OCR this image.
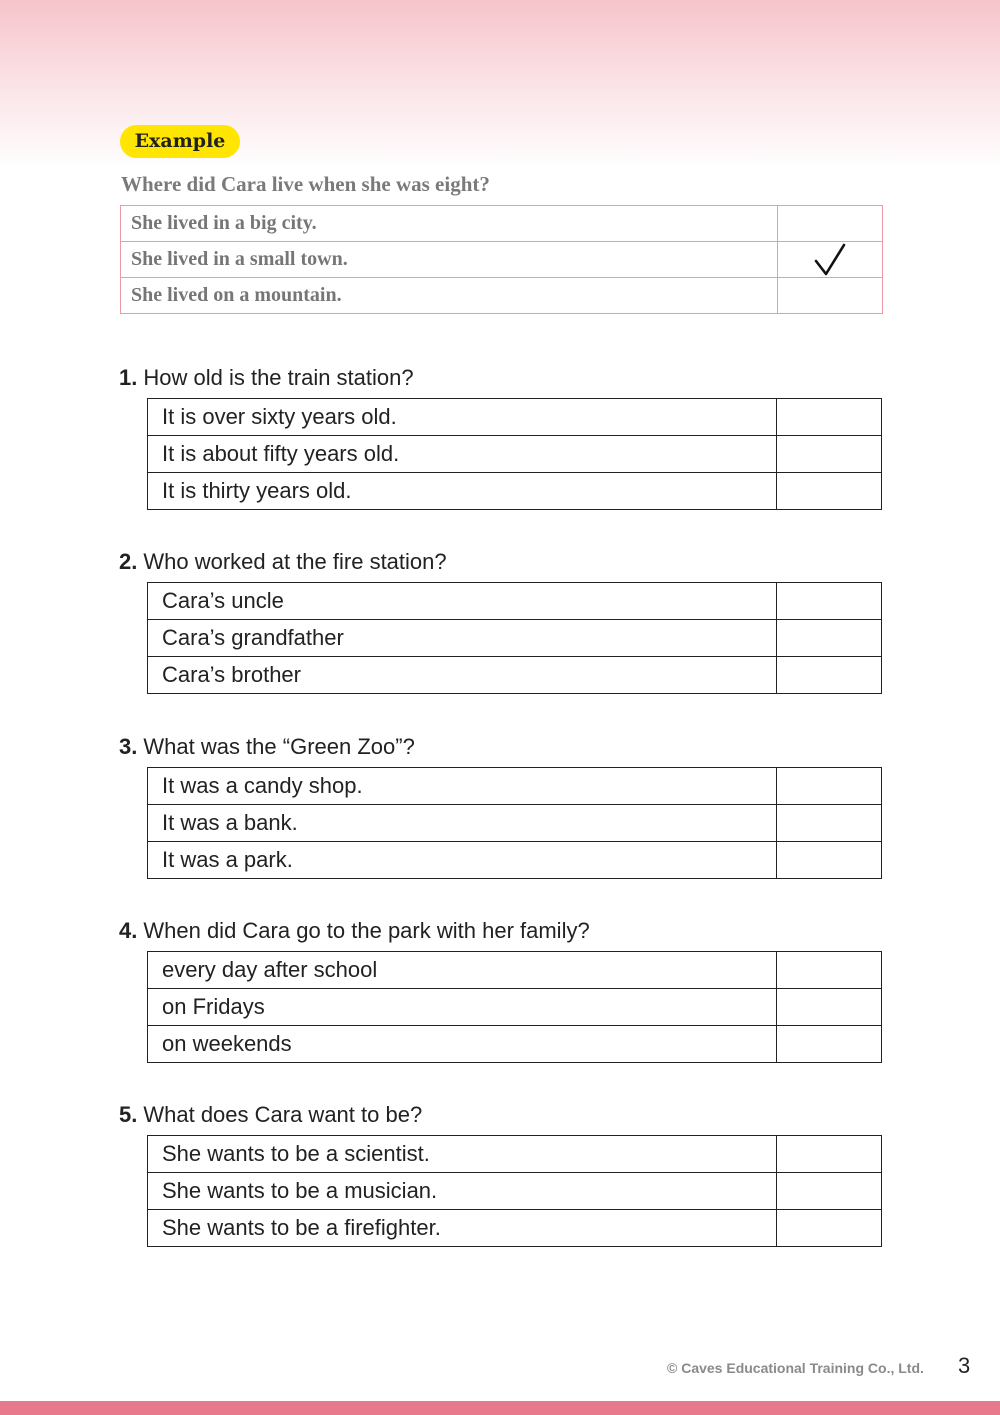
Example
Where did Cara live when she was eight?
She lived in a big city.	
She lived in a small town.	

She lived on a mountain.	
1. How old is the train station?
It is over sixty years old.	
It is about fifty years old.	
It is thirty years old.	
2. Who worked at the fire station?
Cara’s uncle	
Cara’s grandfather	
Cara’s brother	
3. What was the “Green Zoo”?
It was a candy shop.	
It was a bank.	
It was a park.	
4. When did Cara go to the park with her family?
every day after school	
on Fridays	
on weekends	
5. What does Cara want to be?
She wants to be a scientist.	
She wants to be a musician.	
She wants to be a firefighter.	
© Caves Educational Training Co., Ltd. 3
